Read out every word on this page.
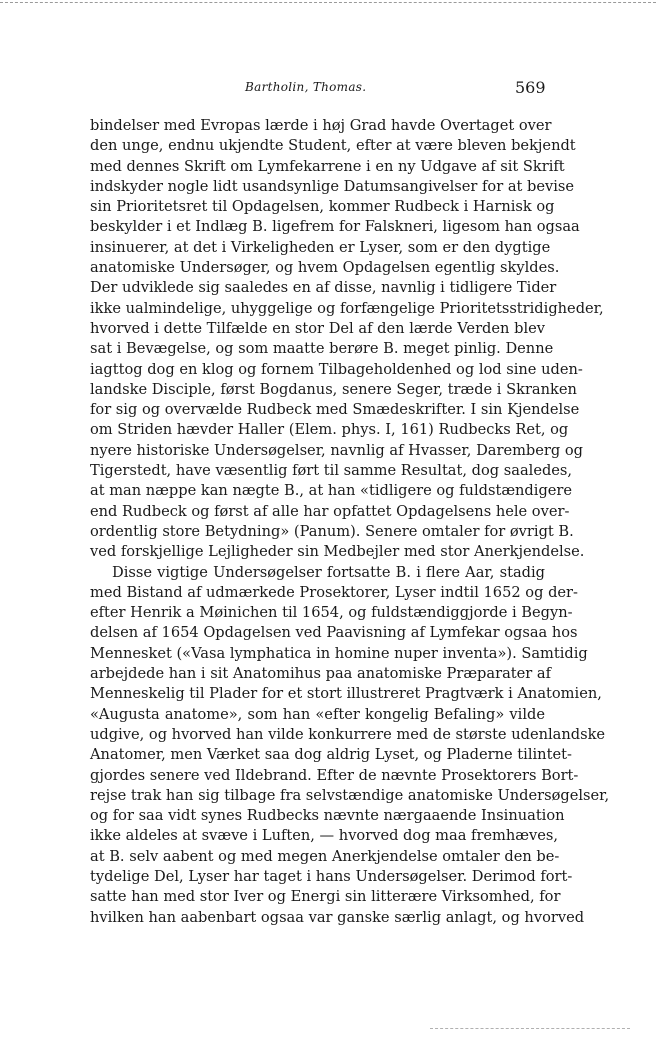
Bartholin, Thomas.	569
bindelser med Evropas lærde i høj Grad havde Overtaget over
den unge, endnu ukjendte Student, efter at være bleven bekjendt
med dennes Skrift om Lymfekarrene i en ny Udgave af sit Skrift
indskyder nogle lidt usandsynlige Datumsangivelser for at bevise
sin Prioritetsret til Opdagelsen, kommer Rudbeck i Harnisk og
beskylder i et Indlæg B. ligefrem for Falskneri, ligesom han ogsaa
insinuerer, at det i Virkeligheden er Lyser, som er den dygtige
anatomiske Undersøger, og hvem Opdagelsen egentlig skyldes.
Der udviklede sig saaledes en af disse, navnlig i tidligere Tider
ikke ualmindelige, uhyggelige og forfængelige Prioritetsstridigheder,
hvorved i dette Tilfælde en stor Del af den lærde Verden blev
sat i Bevægelse, og som maatte berøre B. meget pinlig. Denne
iagttog dog en klog og fornem Tilbageholdenhed og lod sine uden-
landske Disciple, først Bogdanus, senere Seger, træde i Skranken
for sig og overvælde Rudbeck med Smædeskrifter. I sin Kjendelse
om Striden hævder Haller (Elem. phys. I, 161) Rudbecks Ret, og
nyere historiske Undersøgelser, navnlig af Hvasser, Daremberg og
Tigerstedt, have væsentlig ført til samme Resultat, dog saaledes,
at man næppe kan nægte B., at han «tidligere og fuldstændigere
end Rudbeck og først af alle har opfattet Opdagelsens hele over-
ordentlig store Betydning» (Panum). Senere omtaler for øvrigt B.
ved forskjellige Lejligheder sin Medbejler med stor Anerkjendelse.
Disse vigtige Undersøgelser fortsatte B. i flere Aar, stadig
med Bistand af udmærkede Prosektorer, Lyser indtil 1652 og der-
efter Henrik a Møinichen til 1654, og fuldstændiggjorde i Begyn-
delsen af 1654 Opdagelsen ved Paavisning af Lymfekar ogsaa hos
Mennesket («Vasa lymphatica in homine nuper inventa»). Samtidig
arbejdede han i sit Anatomihus paa anatomiske Præparater af
Menneskelig til Plader for et stort illustreret Pragtværk i Anatomien,
«Augusta anatome», som han «efter kongelig Befaling» vilde
udgive, og hvorved han vilde konkurrere med de største udenlandske
Anatomer, men Værket saa dog aldrig Lyset, og Pladerne tilintet-
gjordes senere ved Ildebrand. Efter de nævnte Prosektorers Bort-
rejse trak han sig tilbage fra selvstændige anatomiske Undersøgelser,
og for saa vidt synes Rudbecks nævnte nærgaaende Insinuation
ikke aldeles at svæve i Luften, — hvorved dog maa fremhæves,
at B. selv aabent og med megen Anerkjendelse omtaler den be-
tydelige Del, Lyser har taget i hans Undersøgelser. Derimod fort-
satte han med stor Iver og Energi sin litterære Virksomhed, for
hvilken han aabenbart ogsaa var ganske særlig anlagt, og hvorved
